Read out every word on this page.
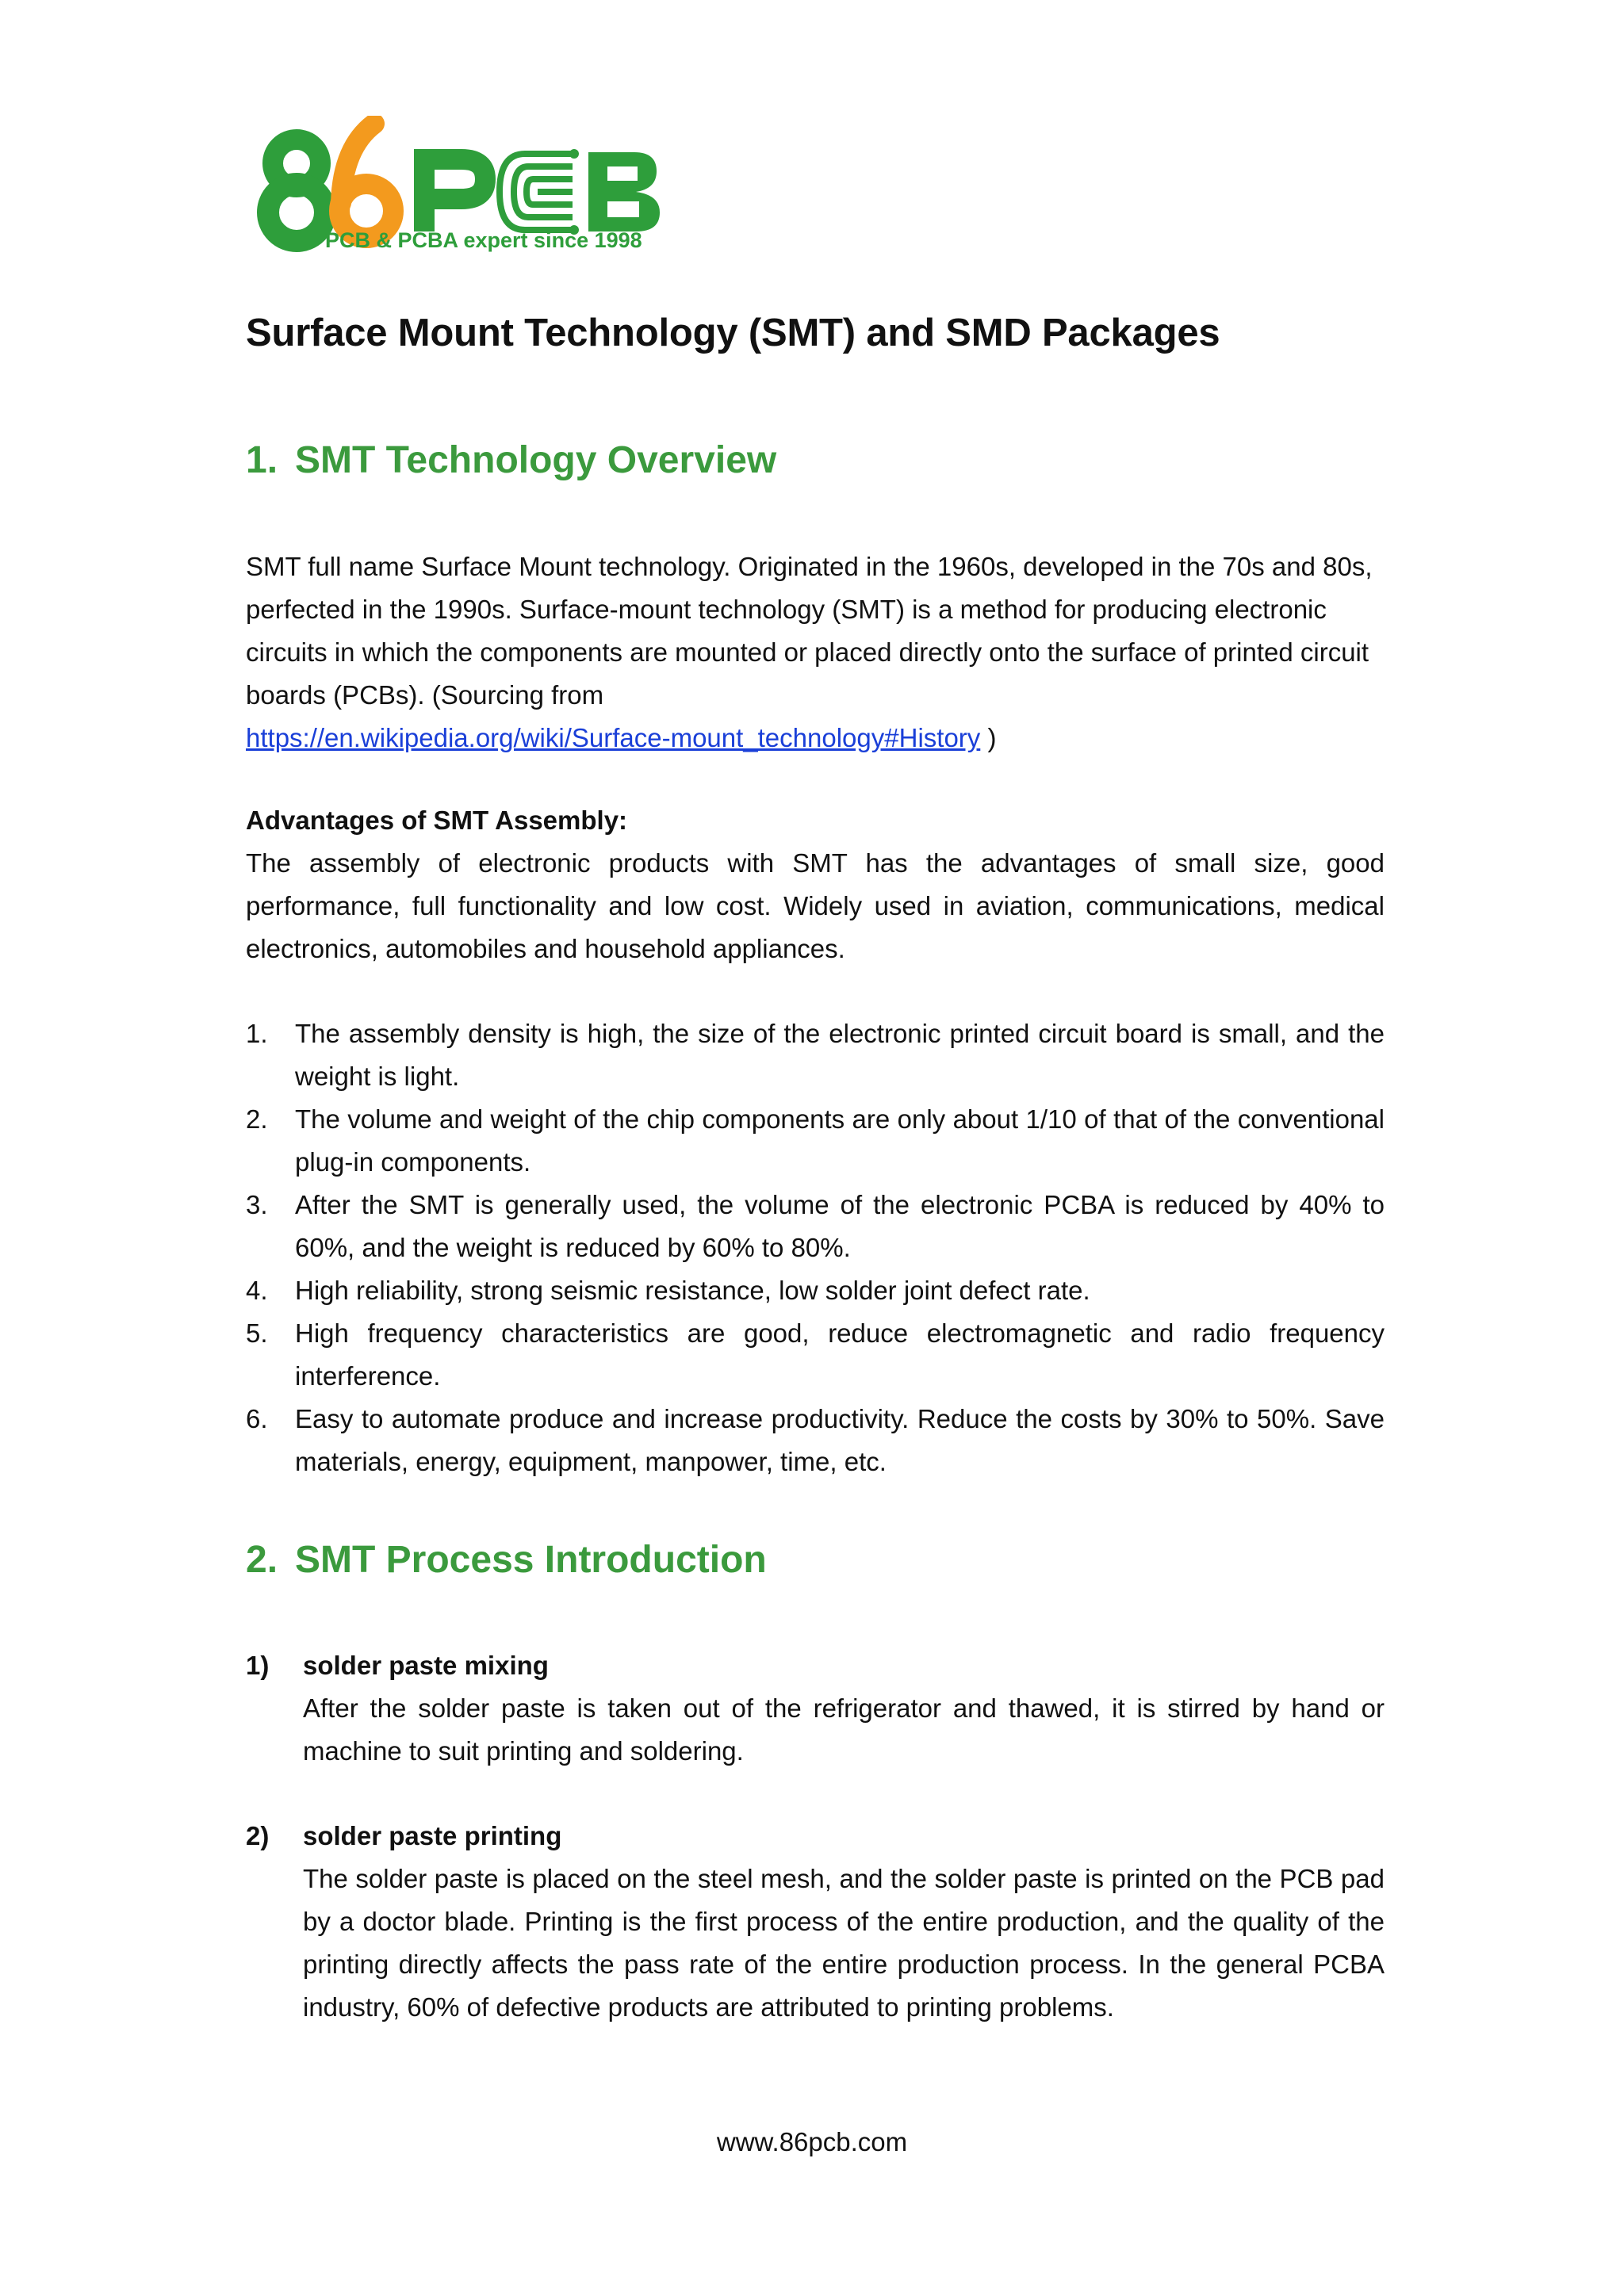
PCB & PCBA expert since 1998
Surface Mount Technology (SMT) and SMD Packages
1. SMT Technology Overview
SMT full name Surface Mount technology. Originated in the 1960s, developed in the 70s and 80s, perfected in the 1990s. Surface-mount technology (SMT) is a method for producing electronic circuits in which the components are mounted or placed directly onto the surface of printed circuit boards (PCBs). (Sourcing from
https://en.wikipedia.org/wiki/Surface-mount_technology#History )
Advantages of SMT Assembly:
The assembly of electronic products with SMT has the advantages of small size, good performance, full functionality and low cost. Widely used in aviation, communications, medical electronics, automobiles and household appliances.
1. The assembly density is high, the size of the electronic printed circuit board is small, and the weight is light.
2. The volume and weight of the chip components are only about 1/10 of that of the conventional plug-in components.
3. After the SMT is generally used, the volume of the electronic PCBA is reduced by 40% to 60%, and the weight is reduced by 60% to 80%.
4. High reliability, strong seismic resistance, low solder joint defect rate.
5. High frequency characteristics are good, reduce electromagnetic and radio frequency interference.
6. Easy to automate produce and increase productivity. Reduce the costs by 30% to 50%. Save materials, energy, equipment, manpower, time, etc.
2. SMT Process Introduction
1) solder paste mixing
After the solder paste is taken out of the refrigerator and thawed, it is stirred by hand or machine to suit printing and soldering.
2) solder paste printing
The solder paste is placed on the steel mesh, and the solder paste is printed on the PCB pad by a doctor blade. Printing is the first process of the entire production, and the quality of the printing directly affects the pass rate of the entire production process. In the general PCBA industry, 60% of defective products are attributed to printing problems.
www.86pcb.com
